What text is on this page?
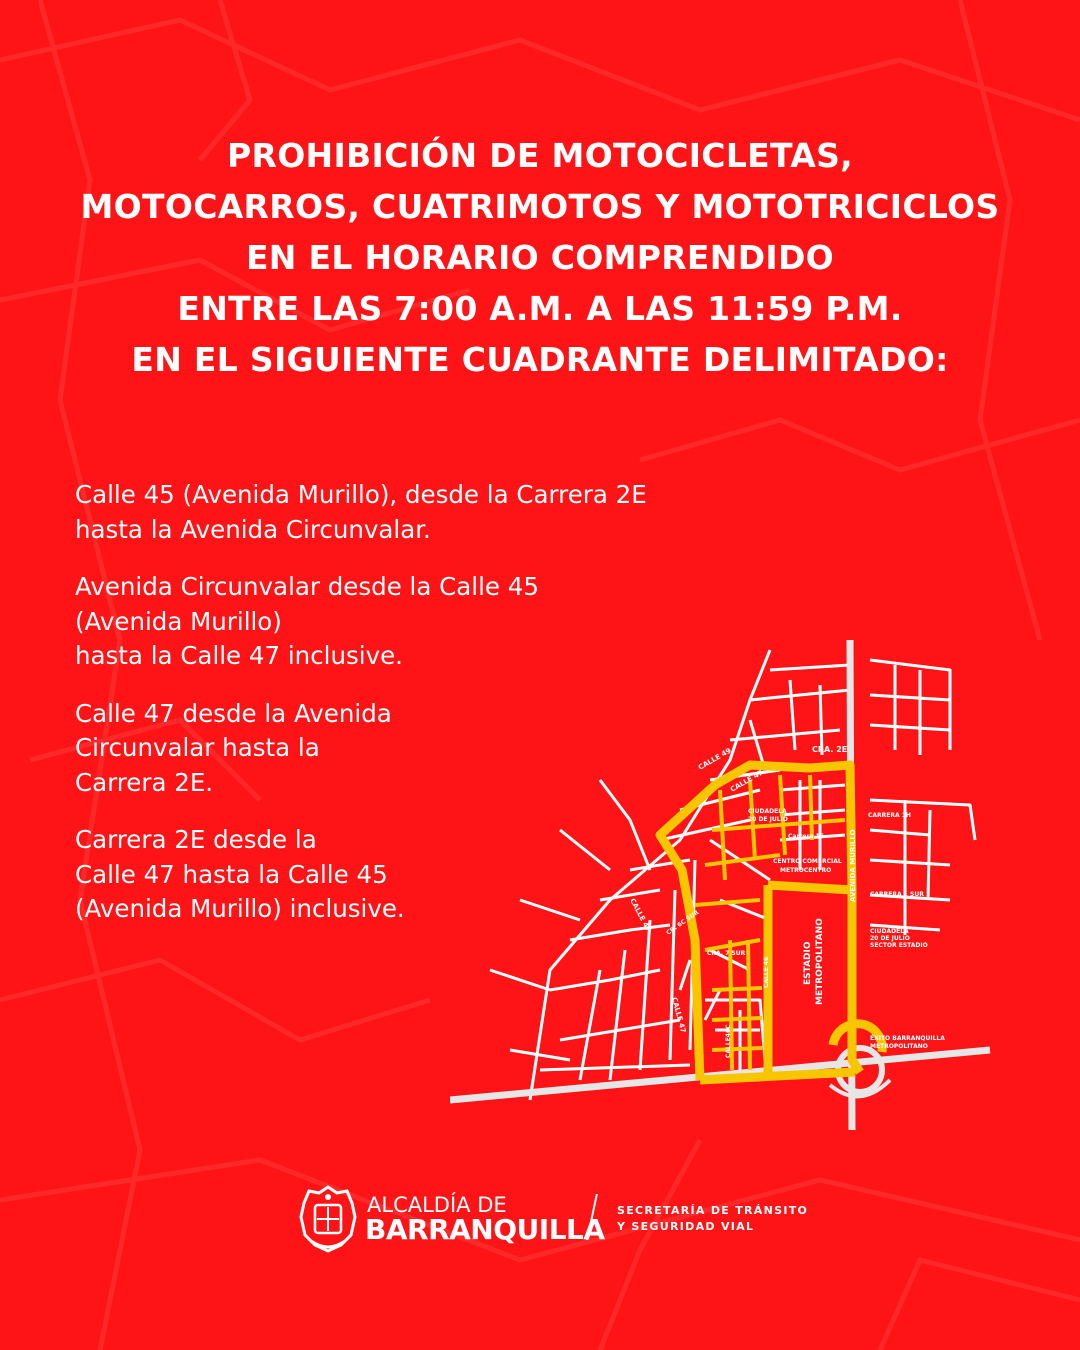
PROHIBICIÓN DE MOTOCICLETAS,
MOTOCARROS, CUATRIMOTOS Y MOTOTRICICLOS
EN EL HORARIO COMPRENDIDO
ENTRE LAS 7:00 A.M. A LAS 11:59 P.M.
EN EL SIGUIENTE CUADRANTE DELIMITADO:
Calle 45 (Avenida Murillo), desde la Carrera 2E
hasta la Avenida Circunvalar.
Avenida Circunvalar desde la Calle 45
(Avenida Murillo)
hasta la Calle 47 inclusive.
Calle 47 desde la Avenida
Circunvalar hasta la
Carrera 2E.
Carrera 2E desde la
Calle 47 hasta la Calle 45
(Avenida Murillo) inclusive.
CALLE 49
CALLE 47
CRA. 2E
CIUDADELA
20 DE JULIO
Carrera 1F	AVENIDA MURILLO
CARRERA 1H
CENTRO COMERCIAL
METROCENTRO
CARRERA 1 SUR
CALLE 47 CR. 6C SUR	CIUDADELA
20 DE JULIO
SECTOR ESTADIO
CRA. 7 SUR
CALLE 46	ESTADIO METROPOLITANO
CALLE 47
CALLE46C	ÉXITO BARRANQUILLA
METROPOLITANO
ALCALDÍA DE
BARRANQUILLA
SECRETARÍA DE TRÁNSITO
Y SEGURIDAD VIAL
